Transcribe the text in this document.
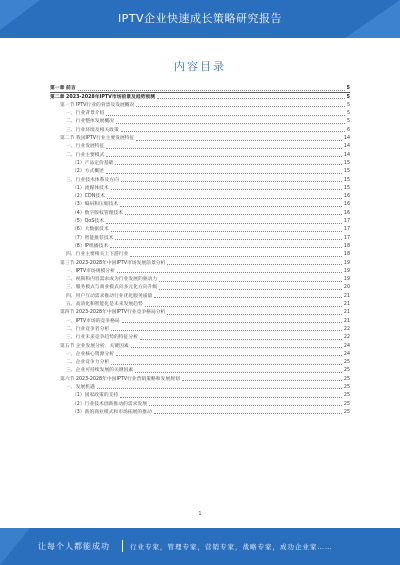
IPTV企业快速成长策略研究报告
内容目录
第一章 前言	5
第二章 2023-2028年IPTV市场前景及趋势预测	5
第一节 IPTV行业的背景及发展概况	5
一、行业背景介绍	5
二、行业整体发展概况	5
三、行业环境及相关政策	6
第二节 我国IPTV行业主要发展特征	14
一、行业发展特征	14
二、行业主要模式	14
（1）产品定价基础	15
（2）方式概述	15
三、行业技术体系及方向	15
（1）流媒体技术	15
（2）CDN技术	16
（3）编码和压缩技术	16
（4）数字版权管理技术	16
（5）QoS技术	17
（6）大数据技术	17
（7）智能推荐技术	17
（8）IP组播技术	18
四、行业主要相关上下游行业	18
第三节 2023-2028年中国IPTV市场发展前景分析	19
一、IPTV市场规模分析	19
二、视频和内容需求成为行业发展的驱动力	19
三、服务模式与商业模式向多元化方向升级	20
四、用户互动需求推动行业优化服务质量	21
五、高清化和智能化是未来发展趋势	21
第四节 2023-2028年中国IPTV行业竞争格局分析	21
一、IPTV市场的竞争格局	21
二、行业竞争者分析	22
三、行业未来竞争趋势的特征分析	22
第五节 企业发展分析、关键因素	24
一、企业核心资源分析	24
二、企业竞争力分析	25
三、企业可持续发展的关键因素	25
第六节 2023-2028年中国IPTV行业营销策略和发展规划	25
一、发展机遇	25
（1）国家政策的支持	25
（2）行业技术创新推动的需求发展	25
（3）新的商业模式和市场拓展的推动	25
1
让每个人都能成功	行业专家，管理专家，营销专家，战略专家，成功企业家……
